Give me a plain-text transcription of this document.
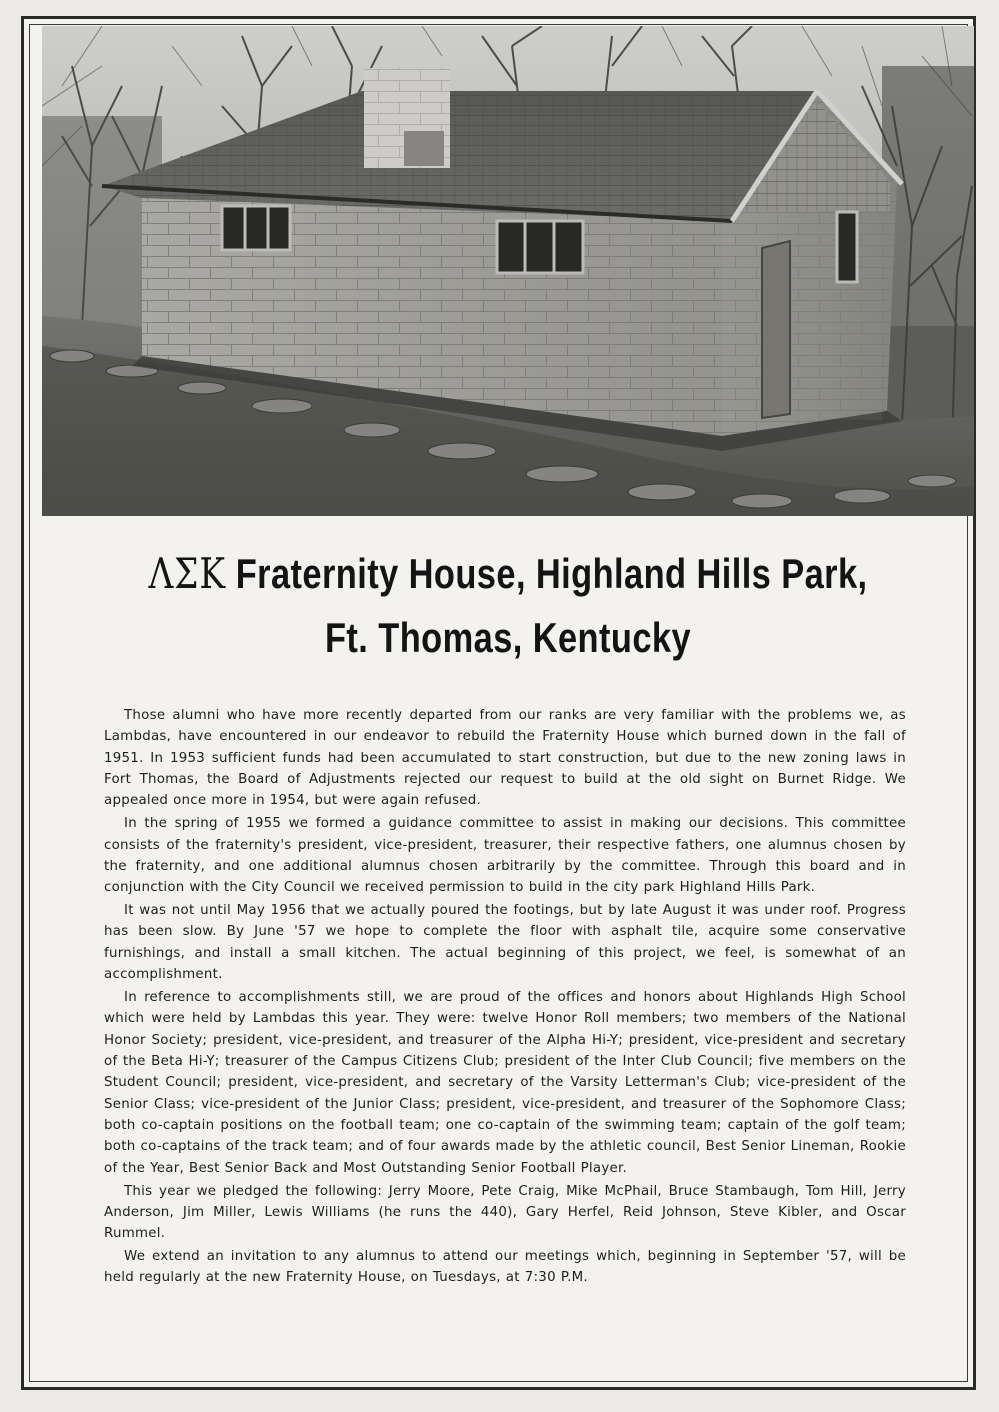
ΛΣΚ Fraternity House, Highland Hills Park,
Ft. Thomas, Kentucky

Those alumni who have more recently departed from our ranks are very familiar with the problems we, as Lambdas, have encountered in our endeavor to rebuild the Fraternity House which burned down in the fall of 1951. In 1953 sufficient funds had been accumulated to start construction, but due to the new zoning laws in Fort Thomas, the Board of Adjustments rejected our request to build at the old sight on Burnet Ridge. We appealed once more in 1954, but were again refused.

In the spring of 1955 we formed a guidance committee to assist in making our decisions. This committee consists of the fraternity's president, vice-president, treasurer, their respective fathers, one alumnus chosen by the fraternity, and one additional alumnus chosen arbitrarily by the committee. Through this board and in conjunction with the City Council we received permission to build in the city park Highland Hills Park.

It was not until May 1956 that we actually poured the footings, but by late August it was under roof. Progress has been slow. By June '57 we hope to complete the floor with asphalt tile, acquire some conservative furnishings, and install a small kitchen. The actual beginning of this project, we feel, is somewhat of an accomplishment.

In reference to accomplishments still, we are proud of the offices and honors about Highlands High School which were held by Lambdas this year. They were: twelve Honor Roll members; two members of the National Honor Society; president, vice-president, and treasurer of the Alpha Hi-Y; president, vice-president and secretary of the Beta Hi-Y; treasurer of the Campus Citizens Club; president of the Inter Club Council; five members on the Student Council; president, vice-president, and secretary of the Varsity Letterman's Club; vice-president of the Senior Class; vice-president of the Junior Class; president, vice-president, and treasurer of the Sophomore Class; both co-captain positions on the football team; one co-captain of the swimming team; captain of the golf team; both co-captains of the track team; and of four awards made by the athletic council, Best Senior Lineman, Rookie of the Year, Best Senior Back and Most Outstanding Senior Football Player.

This year we pledged the following: Jerry Moore, Pete Craig, Mike McPhail, Bruce Stambaugh, Tom Hill, Jerry Anderson, Jim Miller, Lewis Williams (he runs the 440), Gary Herfel, Reid Johnson, Steve Kibler, and Oscar Rummel.

We extend an invitation to any alumnus to attend our meetings which, beginning in September '57, will be held regularly at the new Fraternity House, on Tuesdays, at 7:30 P.M.
